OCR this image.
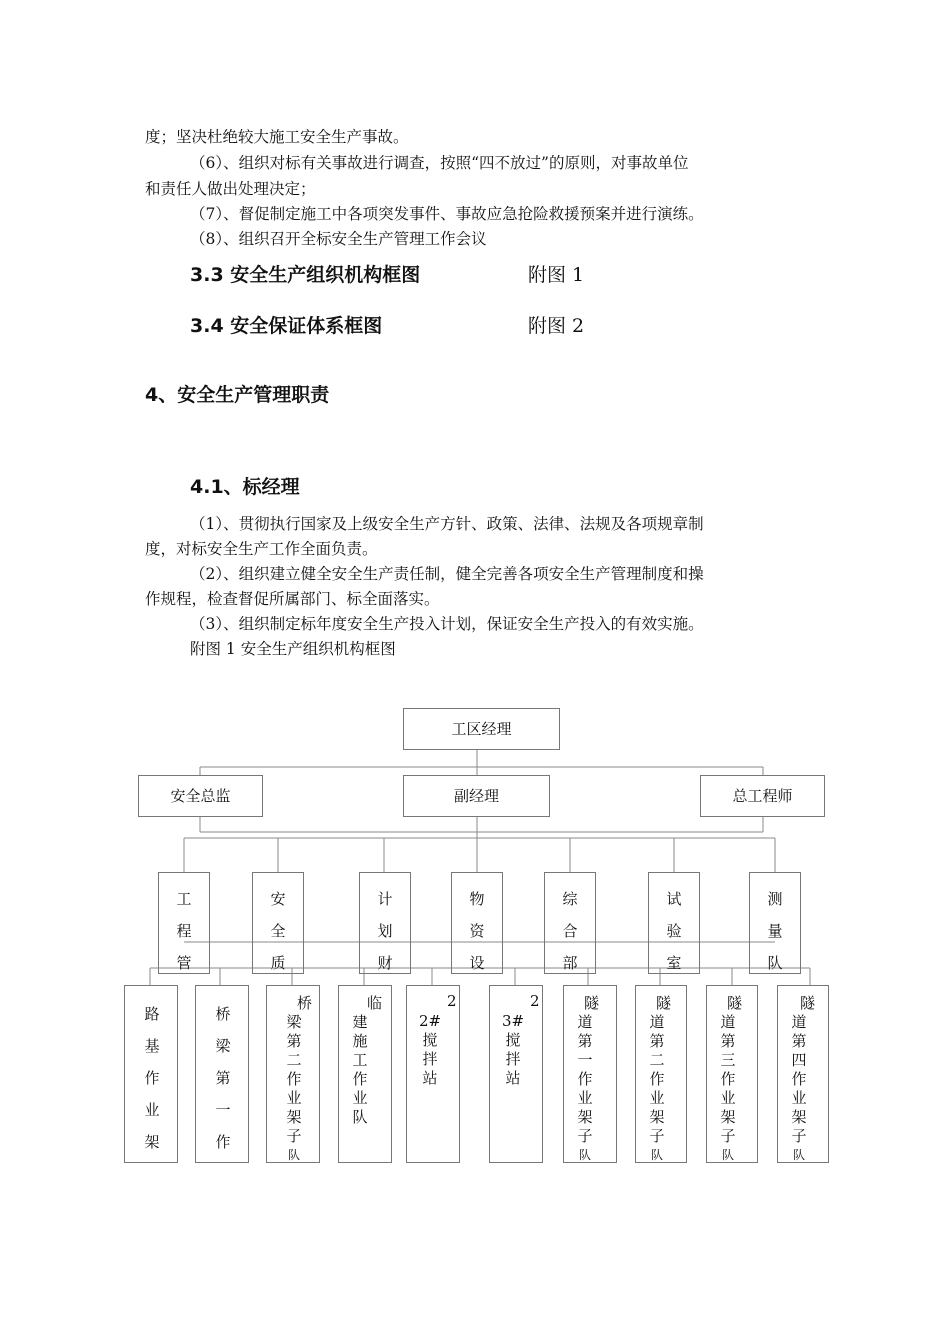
度；坚决杜绝较大施工安全生产事故。

（6）、组织对标有关事故进行调查，按照“四不放过”的原则，对事故单位

和责任人做出处理决定；

（7）、督促制定施工中各项突发事件、事故应急抢险救援预案并进行演练。

（8）、组织召开全标安全生产管理工作会议

3.3 安全生产组织机构框图	附图 1
3.4 安全保证体系框图	附图 2
4、安全生产管理职责
4.1、标经理

（1）、贯彻执行国家及上级安全生产方针、政策、法律、法规及各项规章制

度，对标安全生产工作全面负责。

（2）、组织建立健全安全生产责任制，健全完善各项安全生产管理制度和操

作规程，检查督促所属部门、标全面落实。

（3）、组织制定标年度安全生产投入计划，保证安全生产投入的有效实施。

附图 1 安全生产组织机构框图

工区经理
安全总监	副经理	总工程师
工
程
管
安
全
质
计
划
财
物
资
设
综
合
部
试
验
室
测
量
队
路
基
作
业
架
桥
梁
第
一
作
桥
梁
第
二
作
业
架
子
队
临
建
施
工
作
业
队
2
2#
搅
拌
站
2
3#
搅
拌
站
隧
道
第
一
作
业
架
子
队
隧
道
第
二
作
业
架
子
队
隧
道
第
三
作
业
架
子
队
隧
道
第
四
作
业
架
子
队
